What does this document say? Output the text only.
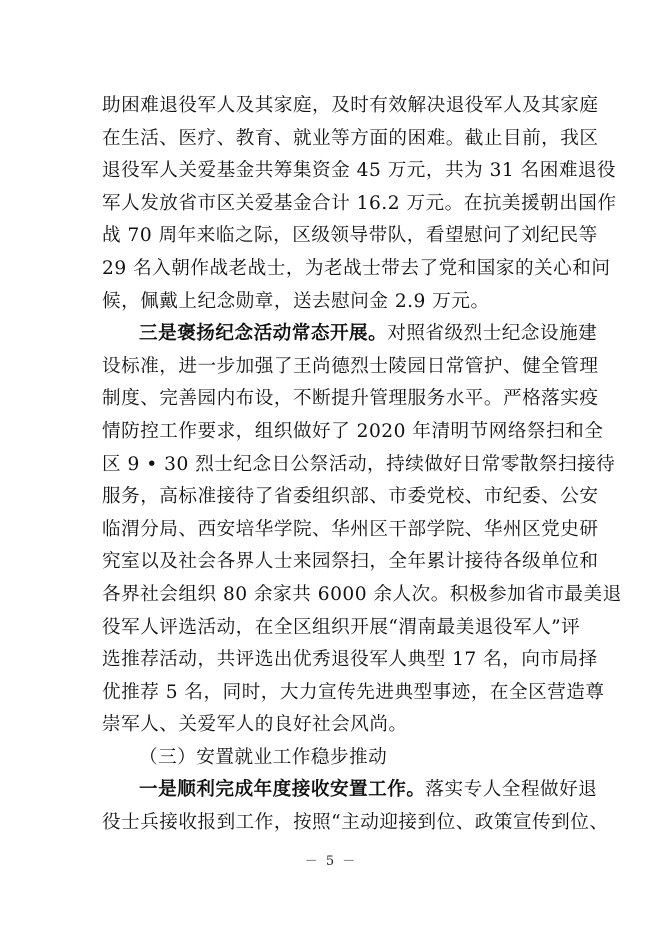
助困难退役军人及其家庭，及时有效解决退役军人及其家庭
在生活、医疗、教育、就业等方面的困难。截止目前，我区
退役军人关爱基金共筹集资金 45 万元，共为 31 名困难退役
军人发放省市区关爱基金合计 16.2 万元。在抗美援朝出国作
战 70 周年来临之际，区级领导带队，看望慰问了刘纪民等
29 名入朝作战老战士，为老战士带去了党和国家的关心和问
候，佩戴上纪念勋章，送去慰问金 2.9 万元。
三是褒扬纪念活动常态开展。对照省级烈士纪念设施建
设标准，进一步加强了王尚德烈士陵园日常管护、健全管理
制度、完善园内布设，不断提升管理服务水平。严格落实疫
情防控工作要求，组织做好了 2020 年清明节网络祭扫和全
区 9 • 30 烈士纪念日公祭活动，持续做好日常零散祭扫接待
服务，高标准接待了省委组织部、市委党校、市纪委、公安
临渭分局、西安培华学院、华州区干部学院、华州区党史研
究室以及社会各界人士来园祭扫，全年累计接待各级单位和
各界社会组织 80 余家共 6000 余人次。积极参加省市最美退
役军人评选活动，在全区组织开展“渭南最美退役军人”评
选推荐活动，共评选出优秀退役军人典型 17 名，向市局择
优推荐 5 名，同时，大力宣传先进典型事迹，在全区营造尊
崇军人、关爱军人的良好社会风尚。
（三）安置就业工作稳步推动
一是顺利完成年度接收安置工作。落实专人全程做好退
役士兵接收报到工作，按照“主动迎接到位、政策宣传到位、
－ 5 －
